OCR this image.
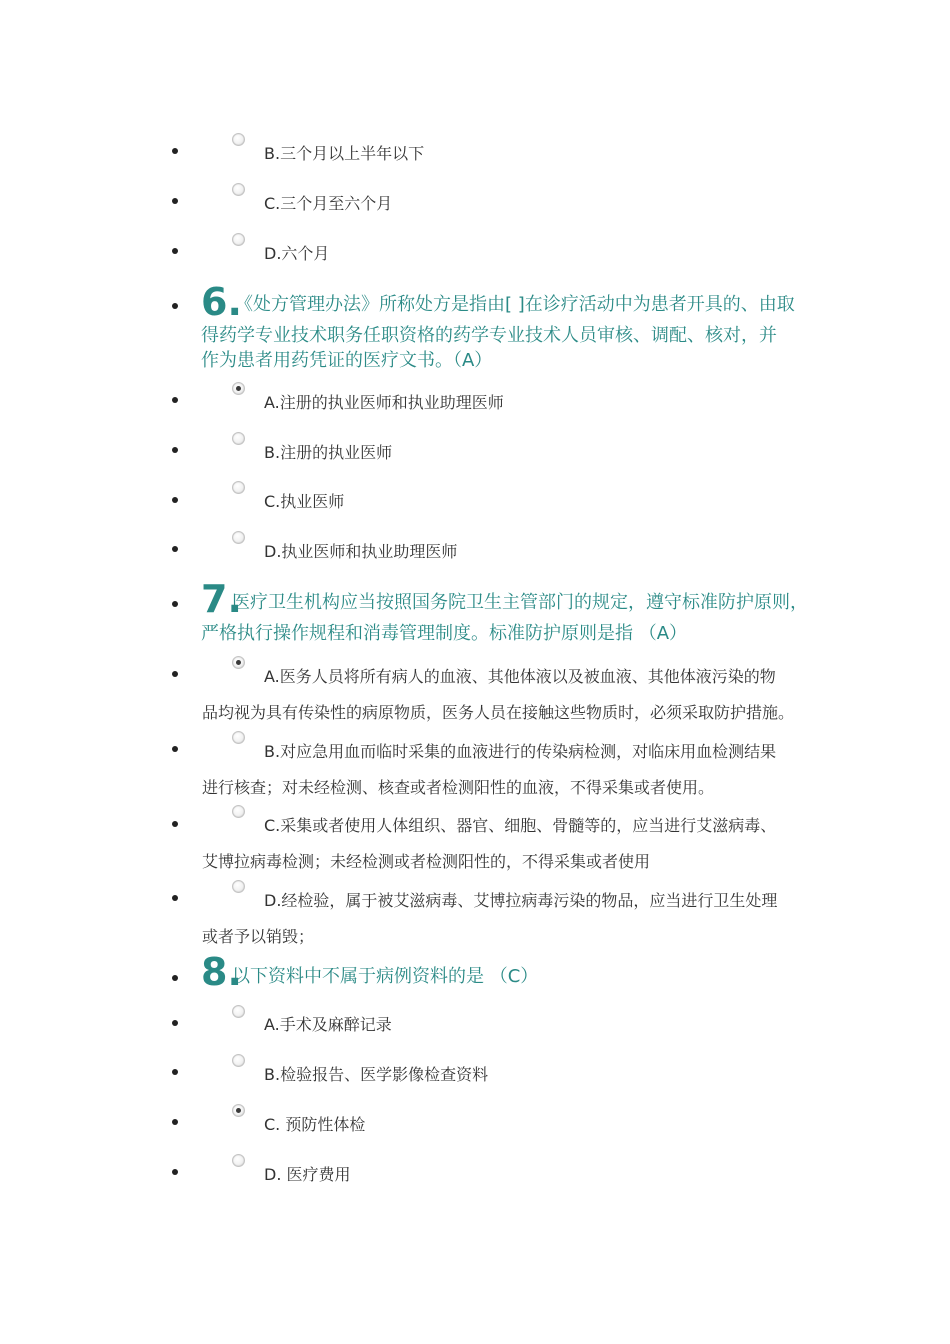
B.三个月以上半年以下
C.三个月至六个月
D.六个月
6.
《处方管理办法》所称处方是指由[ ]在诊疗活动中为患者开具的、由取
得药学专业技术职务任职资格的药学专业技术人员审核、调配、核对，并
作为患者用药凭证的医疗文书。（A）
A.注册的执业医师和执业助理医师
B.注册的执业医师
C.执业医师
D.执业医师和执业助理医师
7.
医疗卫生机构应当按照国务院卫生主管部门的规定，遵守标准防护原则，
严格执行操作规程和消毒管理制度。标准防护原则是指 （A）
A.医务人员将所有病人的血液、其他体液以及被血液、其他体液污染的物
品均视为具有传染性的病原物质，医务人员在接触这些物质时，必须采取防护措施。
B.对应急用血而临时采集的血液进行的传染病检测，对临床用血检测结果
进行核查；对未经检测、核查或者检测阳性的血液，不得采集或者使用。
C.采集或者使用人体组织、器官、细胞、骨髓等的，应当进行艾滋病毒、
艾博拉病毒检测；未经检测或者检测阳性的，不得采集或者使用
D.经检验，属于被艾滋病毒、艾博拉病毒污染的物品，应当进行卫生处理
或者予以销毁；
8.
以下资料中不属于病例资料的是 （C）
A.手术及麻醉记录
B.检验报告、医学影像检查资料
C. 预防性体检
D. 医疗费用
